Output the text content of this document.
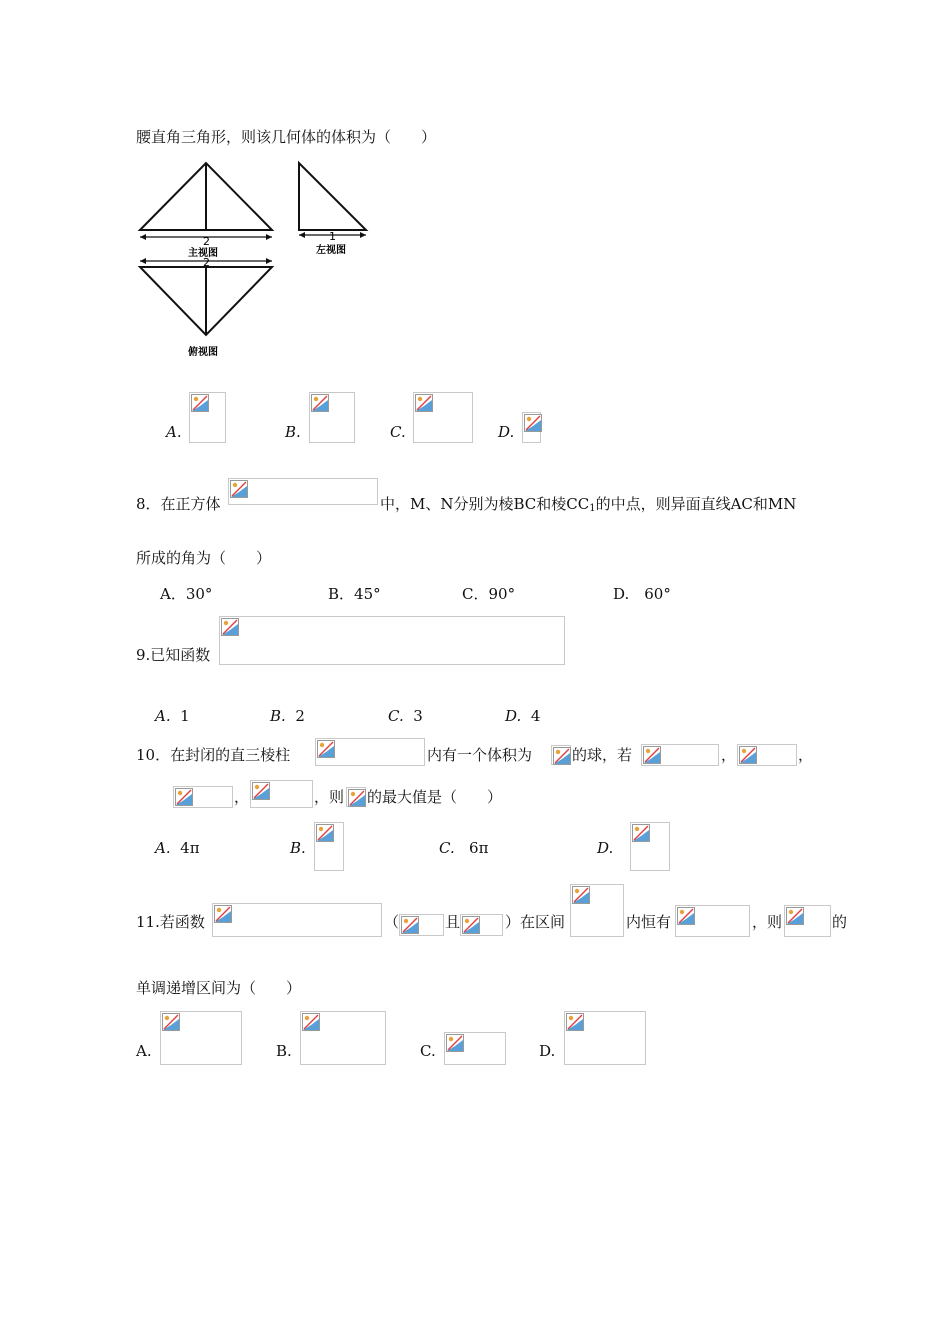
腰直角三角形，则该几何体的体积为（　　）
2
主视图
2
1
左视图
俯视图
A.	B.	C.	D.
8．在正方体	中，M、N分别为棱BC和棱$CC_1$的中点，则异面直线AC和MN
所成的角为（　　）
A．30°	B．45°	C．90°	D.　60°
9.已知函数
A. 1	B. 2	C. 3	D. 4
10．在封闭的直三棱柱	内有一个体积为	的球，若	，	，
，	，则 的最大值是（　　）
A. 4π	B.	C. 6π	D.
11.若函数	（	且	）在区间	内恒有	，则	的
单调递增区间为（　　）
A.	B.	C.	D.
